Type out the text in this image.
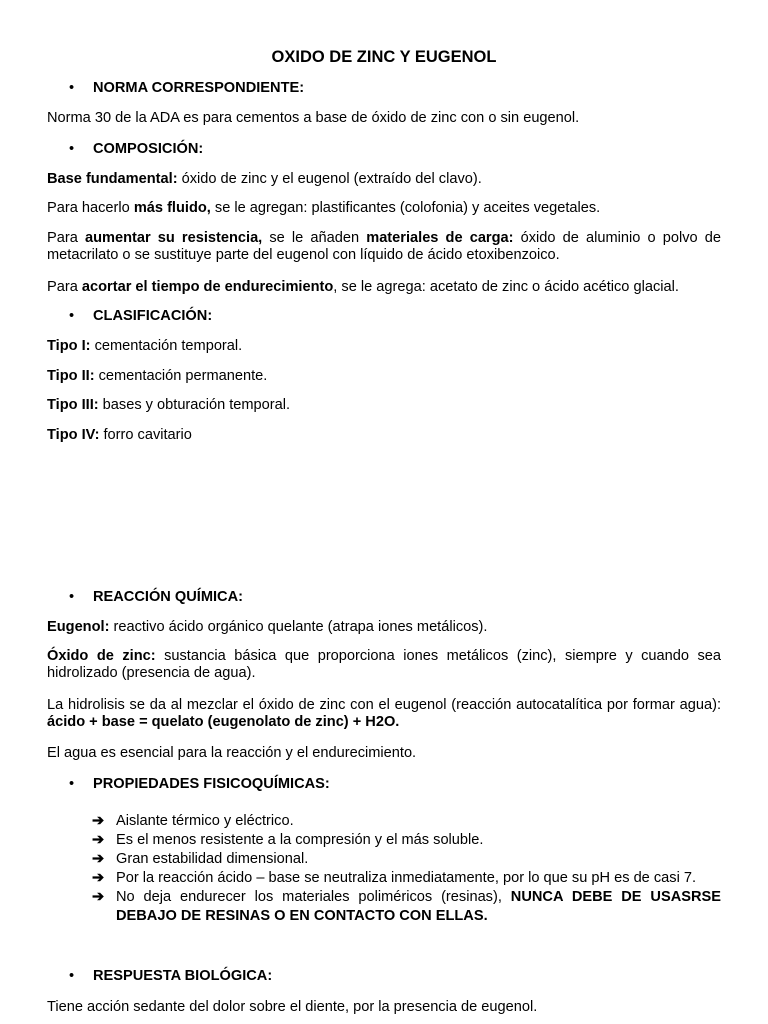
OXIDO DE ZINC Y EUGENOL
•	NORMA CORRESPONDIENTE:
Norma 30 de la ADA es para cementos a base de óxido de zinc con o sin eugenol.
•	COMPOSICIÓN:
Base fundamental: óxido de zinc y el eugenol (extraído del clavo).
Para hacerlo más fluido, se le agregan: plastificantes (colofonia) y aceites vegetales.
Para aumentar su resistencia, se le añaden materiales de carga: óxido de aluminio o polvo de metacrilato o se sustituye parte del eugenol con líquido de ácido etoxibenzoico.
Para acortar el tiempo de endurecimiento, se le agrega: acetato de zinc o ácido acético glacial.
•	CLASIFICACIÓN:
Tipo I: cementación temporal.
Tipo II: cementación permanente.
Tipo III: bases y obturación temporal.
Tipo IV: forro cavitario
•	REACCIÓN QUÍMICA:
Eugenol: reactivo ácido orgánico quelante (atrapa iones metálicos).
Óxido de zinc: sustancia básica que proporciona iones metálicos (zinc), siempre y cuando sea hidrolizado (presencia de agua).
La hidrolisis se da al mezclar el óxido de zinc con el eugenol (reacción autocatalítica por formar agua): ácido + base = quelato (eugenolato de zinc) + H2O.
El agua es esencial para la reacción y el endurecimiento.
•	PROPIEDADES FISICOQUÍMICAS:
➔ Aislante térmico y eléctrico.
➔ Es el menos resistente a la compresión y el más soluble.
➔ Gran estabilidad dimensional.
➔ Por la reacción ácido – base se neutraliza inmediatamente, por lo que su pH es de casi 7.
➔ No deja endurecer los materiales poliméricos (resinas), NUNCA DEBE DE USASRSE DEBAJO DE RESINAS O EN CONTACTO CON ELLAS.
•	RESPUESTA BIOLÓGICA:
Tiene acción sedante del dolor sobre el diente, por la presencia de eugenol.
